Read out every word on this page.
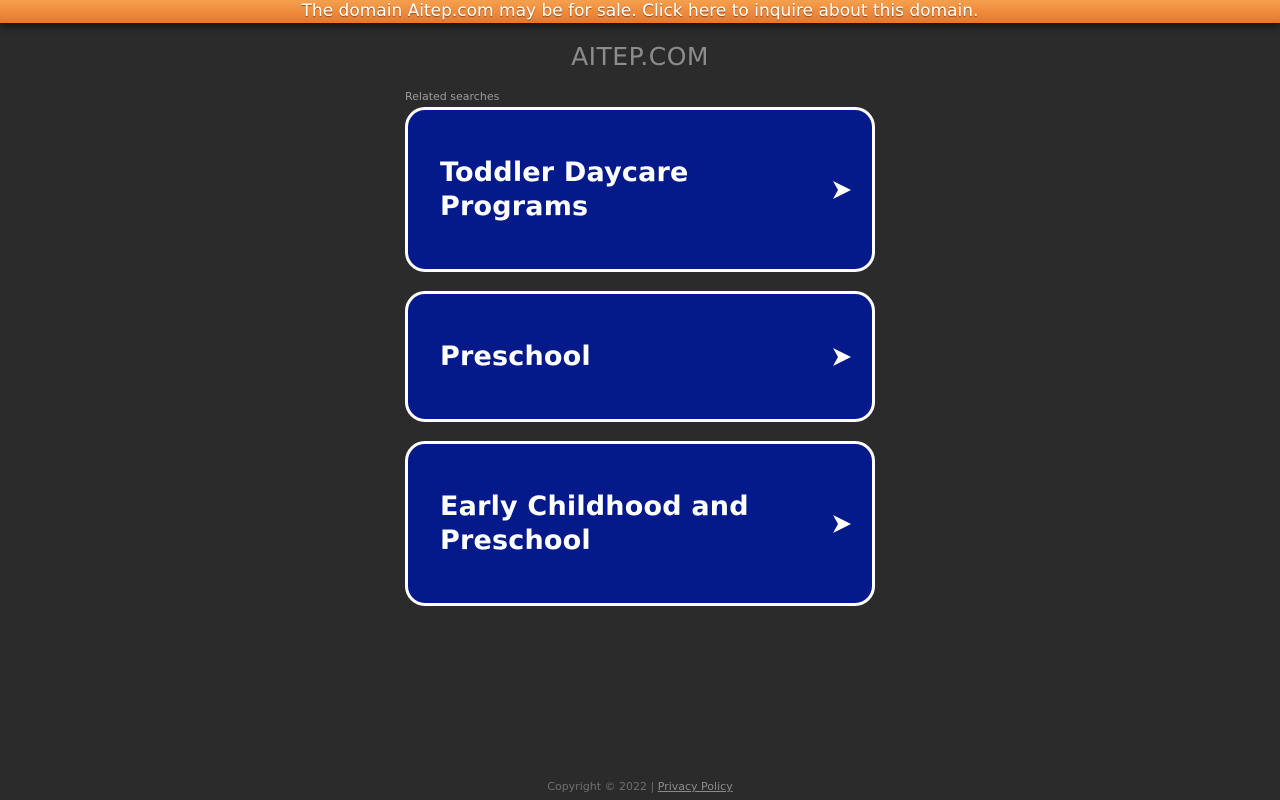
The domain Aitep.com may be for sale. Click here to inquire about this domain.
AITEP.COM
Related searches
Toddler Daycare Programs
Preschool
Early Childhood and Preschool
Copyright © 2022 | Privacy Policy
